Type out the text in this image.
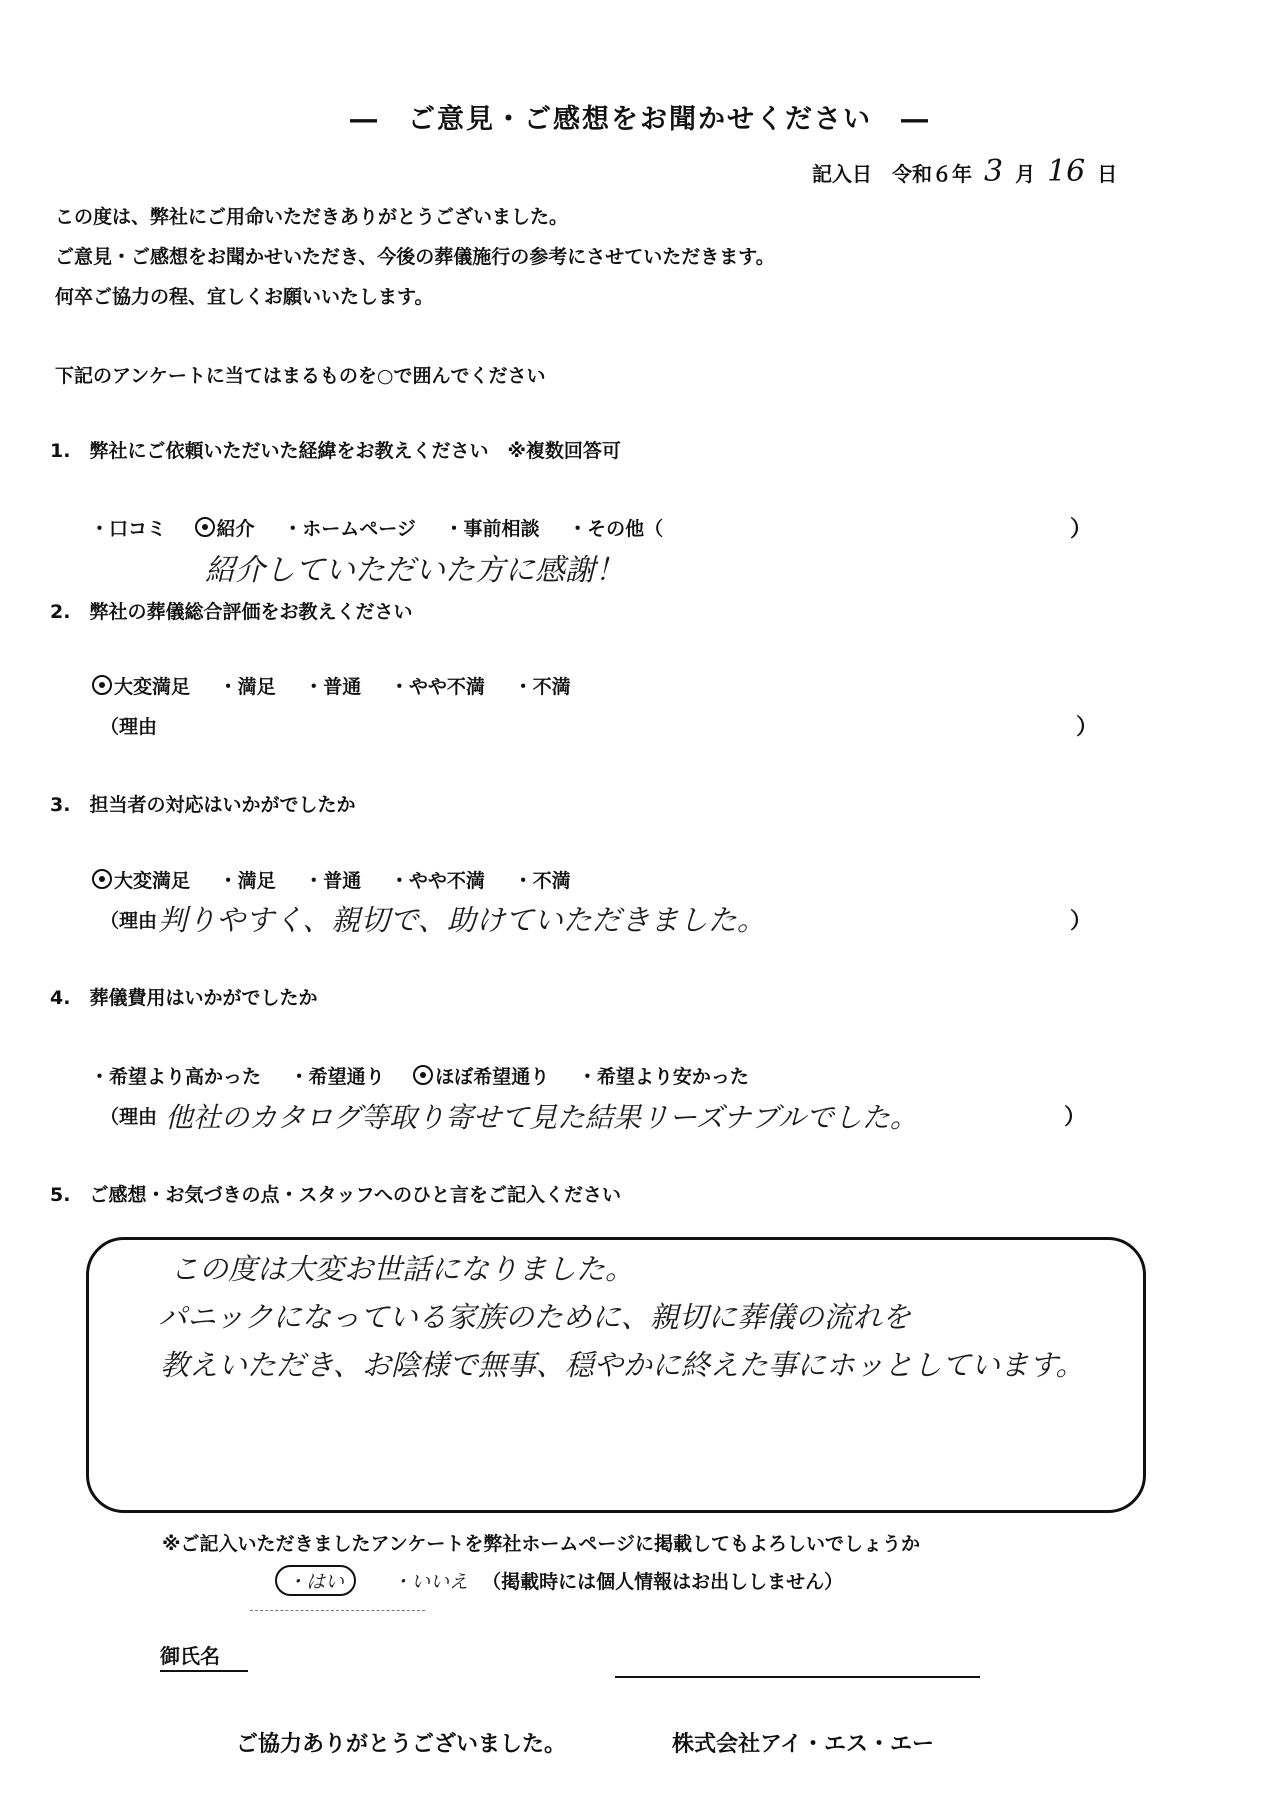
―　ご意見・ご感想をお聞かせください　―
記入日　令和６年 3 月 16 日
この度は、弊社にご用命いただきありがとうございました。
ご意見・ご感想をお聞かせいただき、今後の葬儀施行の参考にさせていただきます。
何卒ご協力の程、宜しくお願いいたします。
下記のアンケートに当てはまるものを○で囲んでください
1.　弊社にご依頼いただいた経緯をお教えください　※複数回答可
・口コミ	紹介 ・ホームページ ・事前相談 ・その他（	）
紹介していただいた方に感謝！
2.　弊社の葬儀総合評価をお教えください
大変満足 ・満足 ・普通 ・やや不満 ・不満
（理由	）
3.　担当者の対応はいかがでしたか
大変満足 ・満足 ・普通 ・やや不満 ・不満
（理由 判りやすく、親切で、助けていただきました。	）
4.　葬儀費用はいかがでしたか
・希望より高かった ・希望通り	ほぼ希望通り ・希望より安かった
（理由 他社のカタログ等取り寄せて見た結果リーズナブルでした。	）
5.　ご感想・お気づきの点・スタッフへのひと言をご記入ください
この度は大変お世話になりました。
パニックになっている家族のために、親切に葬儀の流れを
教えいただき、お陰様で無事、穏やかに終えた事にホッとしています。
※ご記入いただきましたアンケートを弊社ホームページに掲載してもよろしいでしょうか
・はい	・いいえ （掲載時には個人情報はお出ししません）
御氏名
ご協力ありがとうございました。	株式会社アイ・エス・エー
